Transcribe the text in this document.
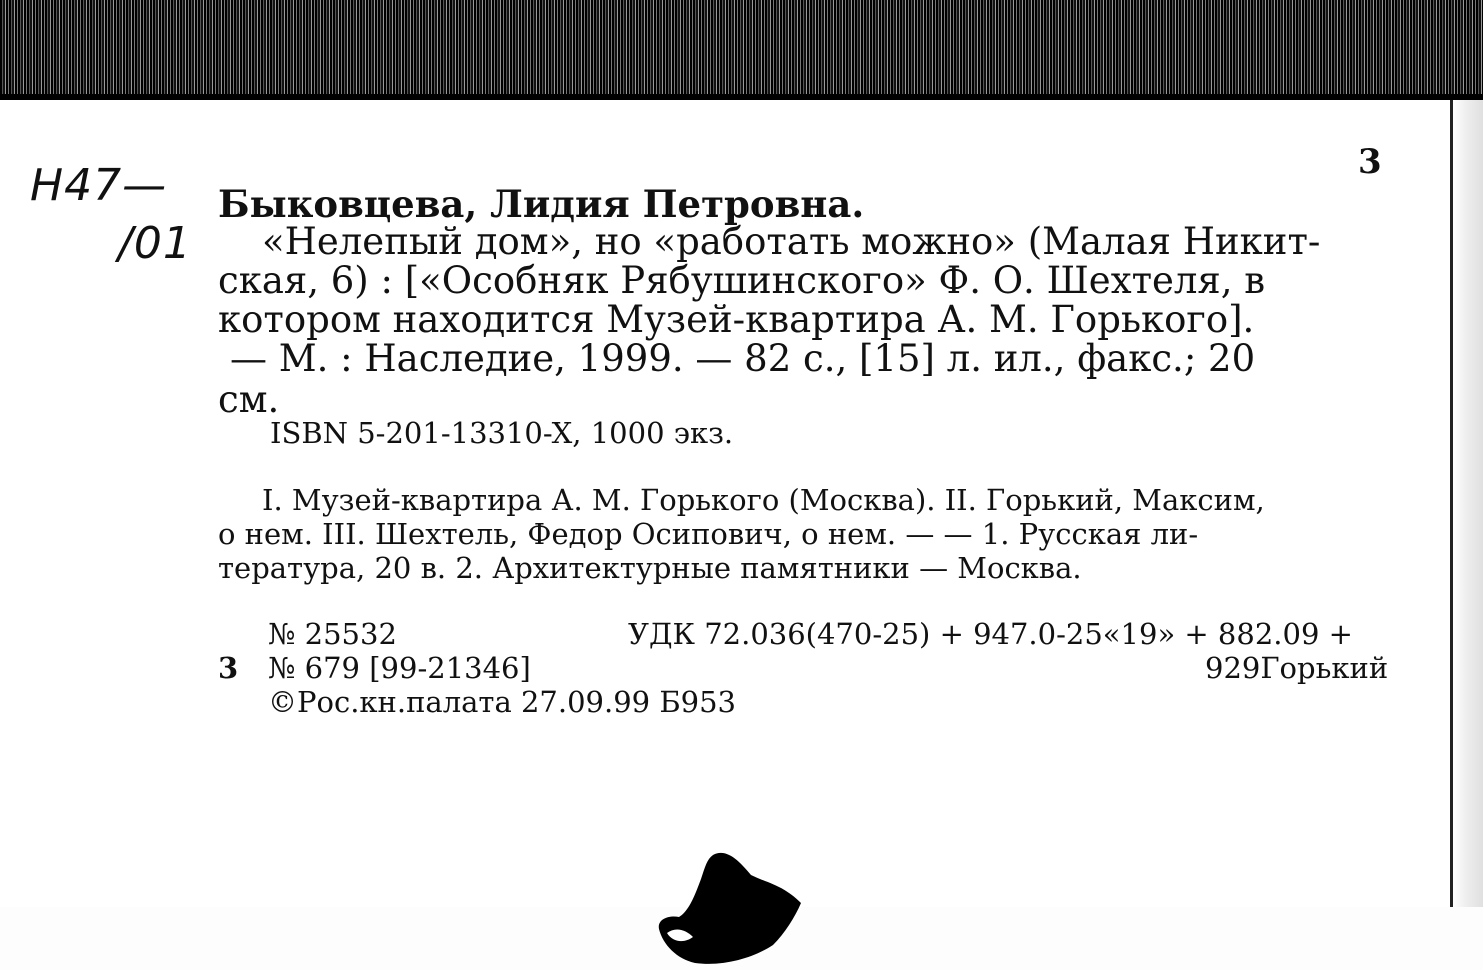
3
Н47—
/01
Быковцева, Лидия Петровна.
«Нелепый дом», но «работать можно» (Малая Никит-
ская, 6) : [«Особняк Рябушинского» Ф. О. Шехтеля, в
котором находится Музей-квартира А. М. Горького].
— М. : Наследие, 1999. — 82 с., [15] л. ил., факс.; 20
см.
ISBN 5-201-13310-X, 1000 экз.
I. Музей-квартира А. М. Горького (Москва). II. Горький, Максим,
о нем. III. Шехтель, Федор Осипович, о нем. — — 1. Русская ли-
тература, 20 в. 2. Архитектурные памятники — Москва.
№ 25532	УДК 72.036(470-25) + 947.0-25«19» + 882.09 +
3 № 679 [99-21346]	929Горький
©Рос.кн.палата 27.09.99 Б953
